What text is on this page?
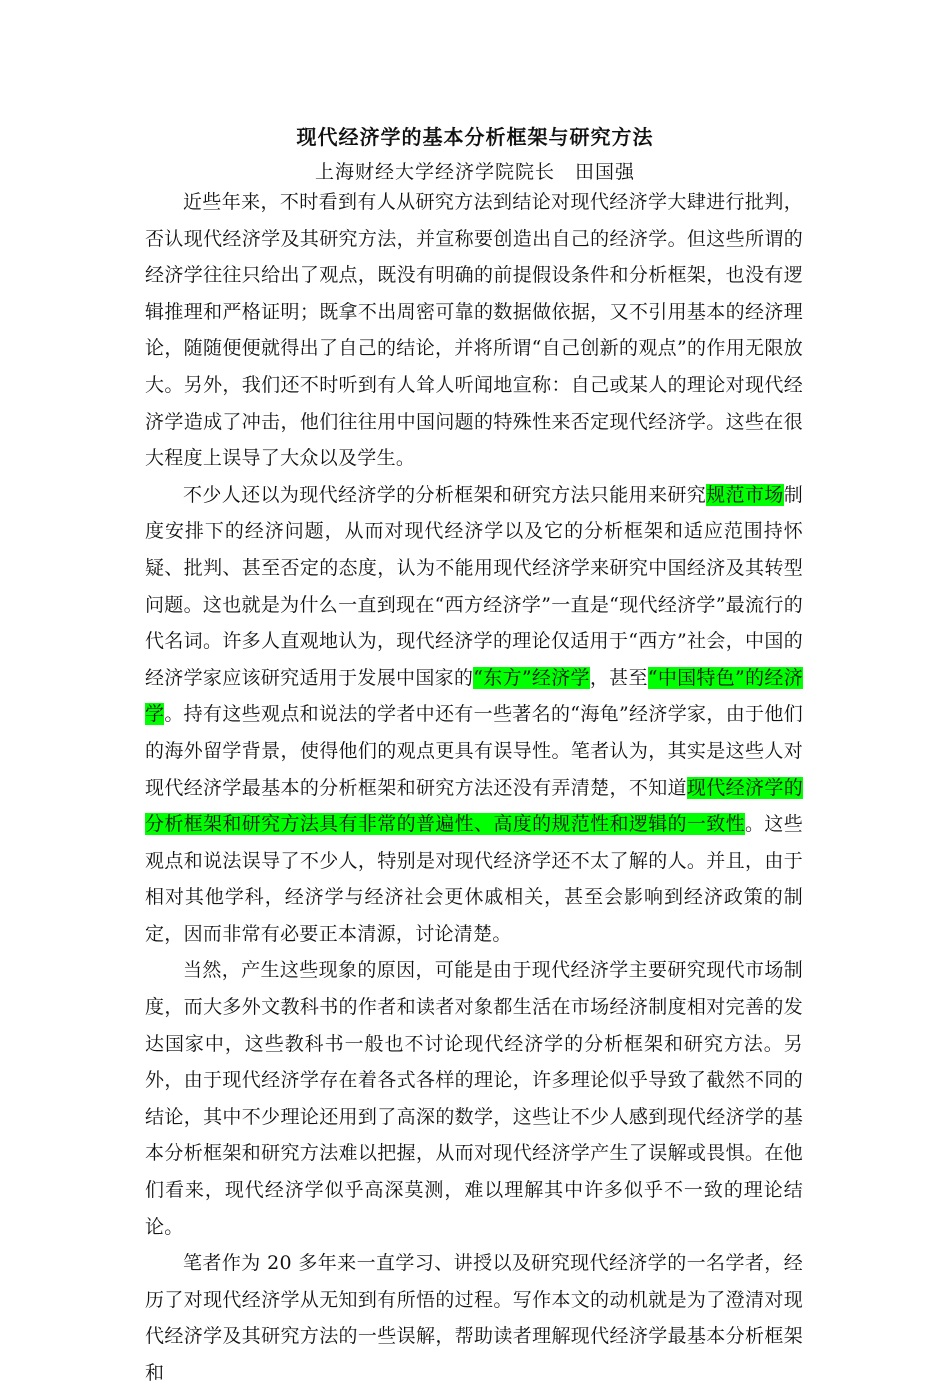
现代经济学的基本分析框架与研究方法
上海财经大学经济学院院长　田国强

近些年来，不时看到有人从研究方法到结论对现代经济学大肆进行批判，否认现代经济学及其研究方法，并宣称要创造出自己的经济学。但这些所谓的经济学往往只给出了观点，既没有明确的前提假设条件和分析框架，也没有逻辑推理和严格证明；既拿不出周密可靠的数据做依据，又不引用基本的经济理论，随随便便就得出了自己的结论，并将所谓“自己创新的观点”的作用无限放大。另外，我们还不时听到有人耸人听闻地宣称：自己或某人的理论对现代经济学造成了冲击，他们往往用中国问题的特殊性来否定现代经济学。这些在很大程度上误导了大众以及学生。

不少人还以为现代经济学的分析框架和研究方法只能用来研究规范市场制度安排下的经济问题，从而对现代经济学以及它的分析框架和适应范围持怀疑、批判、甚至否定的态度，认为不能用现代经济学来研究中国经济及其转型问题。这也就是为什么一直到现在“西方经济学”一直是“现代经济学”最流行的代名词。许多人直观地认为，现代经济学的理论仅适用于“西方”社会，中国的经济学家应该研究适用于发展中国家的“东方”经济学，甚至“中国特色”的经济学。持有这些观点和说法的学者中还有一些著名的“海龟”经济学家，由于他们的海外留学背景，使得他们的观点更具有误导性。笔者认为，其实是这些人对现代经济学最基本的分析框架和研究方法还没有弄清楚，不知道现代经济学的分析框架和研究方法具有非常的普遍性、高度的规范性和逻辑的一致性。这些观点和说法误导了不少人，特别是对现代经济学还不太了解的人。并且，由于相对其他学科，经济学与经济社会更休戚相关，甚至会影响到经济政策的制定，因而非常有必要正本清源，讨论清楚。

当然，产生这些现象的原因，可能是由于现代经济学主要研究现代市场制度，而大多外文教科书的作者和读者对象都生活在市场经济制度相对完善的发达国家中，这些教科书一般也不讨论现代经济学的分析框架和研究方法。另外，由于现代经济学存在着各式各样的理论，许多理论似乎导致了截然不同的结论，其中不少理论还用到了高深的数学，这些让不少人感到现代经济学的基本分析框架和研究方法难以把握，从而对现代经济学产生了误解或畏惧。在他们看来，现代经济学似乎高深莫测，难以理解其中许多似乎不一致的理论结论。

笔者作为 20 多年来一直学习、讲授以及研究现代经济学的一名学者，经历了对现代经济学从无知到有所悟的过程。写作本文的动机就是为了澄清对现代经济学及其研究方法的一些误解，帮助读者理解现代经济学最基本分析框架和
